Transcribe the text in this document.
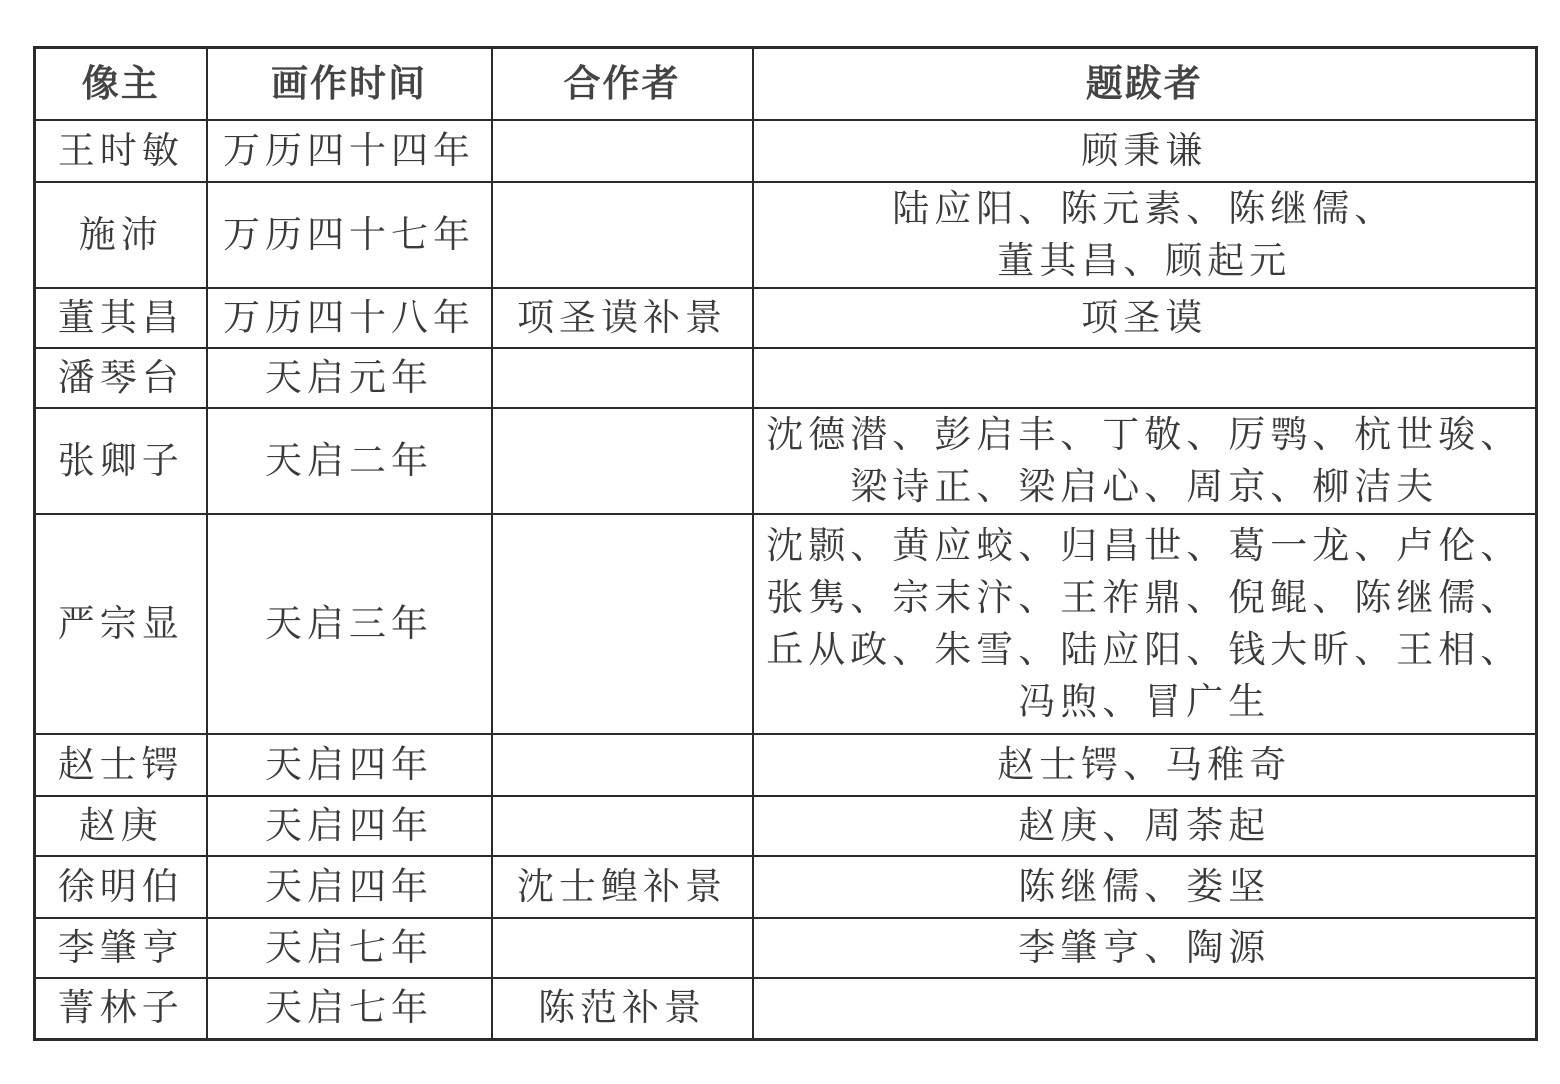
像主	画作时间	合作者	题跋者
王时敏	万历四十四年		顾秉谦
施沛	万历四十七年		陆应阳、陈元素、陈继儒、
董其昌、顾起元
董其昌	万历四十八年	项圣谟补景	项圣谟
潘琴台	天启元年		
张卿子	天启二年		沈德潜、彭启丰、丁敬、厉鹗、杭世骏、
梁诗正、梁启心、周京、柳洁夫
严宗显	天启三年		沈颢、黄应蛟、归昌世、葛一龙、卢伦、
张隽、宗末汴、王祚鼎、倪鲲、陈继儒、
丘从政、朱雪、陆应阳、钱大昕、王相、
冯煦、冒广生
赵士锷	天启四年		赵士锷、马稚奇
赵庚	天启四年		赵庚、周荼起
徐明伯	天启四年	沈士鳇补景	陈继儒、娄坚
李肇亨	天启七年		李肇亨、陶源
菁林子	天启七年	陈范补景	
